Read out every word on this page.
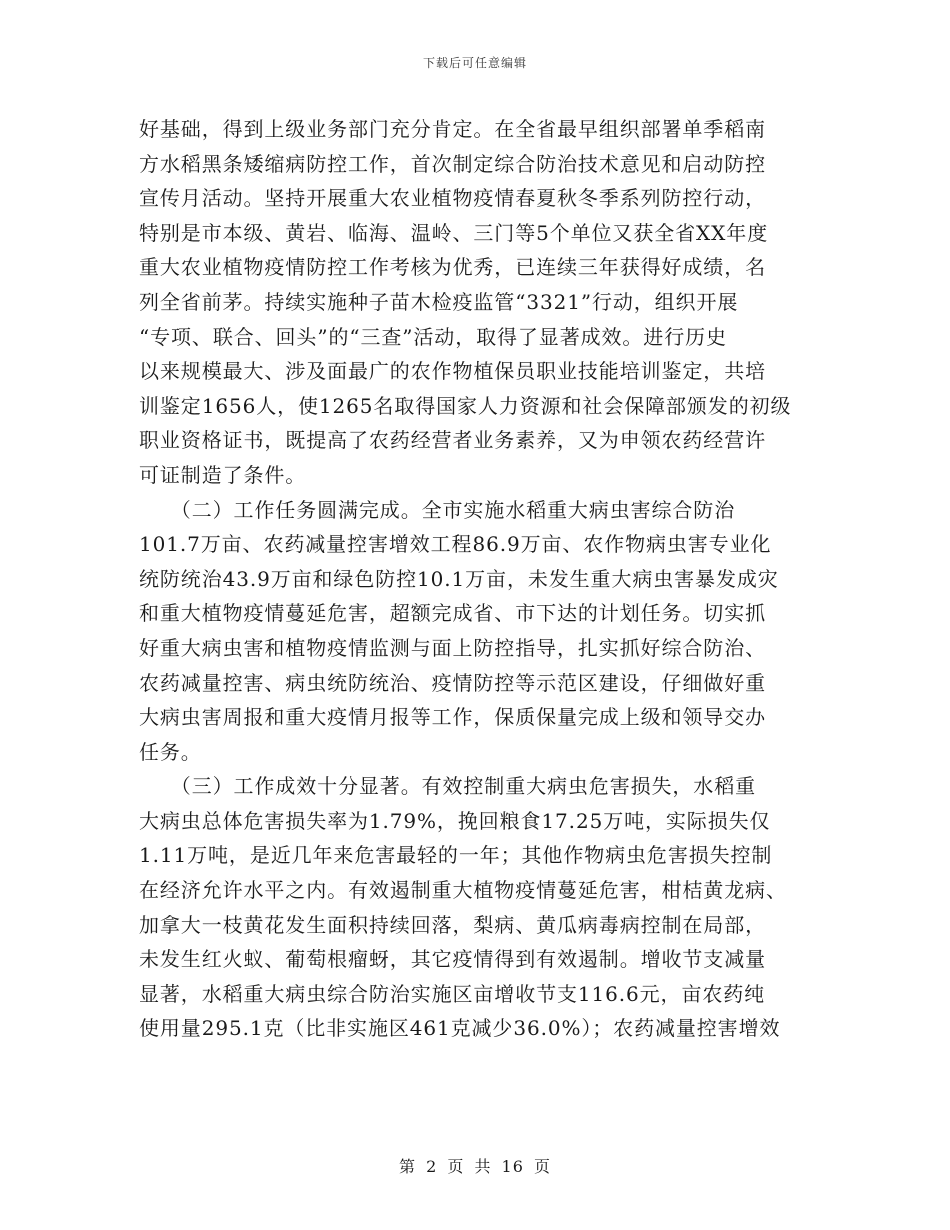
下载后可任意编辑
好基础，得到上级业务部门充分肯定。在全省最早组织部署单季稻南
方水稻黑条矮缩病防控工作，首次制定综合防治技术意见和启动防控
宣传月活动。坚持开展重大农业植物疫情春夏秋冬季系列防控行动，
特别是市本级、黄岩、临海、温岭、三门等5个单位又获全省XX年度
重大农业植物疫情防控工作考核为优秀，已连续三年获得好成绩，名
列全省前茅。持续实施种子苗木检疫监管“3321”行动，组织开展
“专项、联合、回头”的“三查”活动，取得了显著成效。进行历史
以来规模最大、涉及面最广的农作物植保员职业技能培训鉴定，共培
训鉴定1656人，使1265名取得国家人力资源和社会保障部颁发的初级
职业资格证书，既提高了农药经营者业务素养，又为申领农药经营许
可证制造了条件。
　　（二）工作任务圆满完成。全市实施水稻重大病虫害综合防治
101.7万亩、农药减量控害增效工程86.9万亩、农作物病虫害专业化
统防统治43.9万亩和绿色防控10.1万亩，未发生重大病虫害暴发成灾
和重大植物疫情蔓延危害，超额完成省、市下达的计划任务。切实抓
好重大病虫害和植物疫情监测与面上防控指导，扎实抓好综合防治、
农药减量控害、病虫统防统治、疫情防控等示范区建设，仔细做好重
大病虫害周报和重大疫情月报等工作，保质保量完成上级和领导交办
任务。
　　（三）工作成效十分显著。有效控制重大病虫危害损失，水稻重
大病虫总体危害损失率为1.79%，挽回粮食17.25万吨，实际损失仅
1.11万吨，是近几年来危害最轻的一年；其他作物病虫危害损失控制
在经济允许水平之内。有效遏制重大植物疫情蔓延危害，柑桔黄龙病、
加拿大一枝黄花发生面积持续回落，梨病、黄瓜病毒病控制在局部，
未发生红火蚁、葡萄根瘤蚜，其它疫情得到有效遏制。增收节支减量
显著，水稻重大病虫综合防治实施区亩增收节支116.6元，亩农药纯
使用量295.1克（比非实施区461克减少36.0%）；农药减量控害增效
第 2 页 共 16 页
